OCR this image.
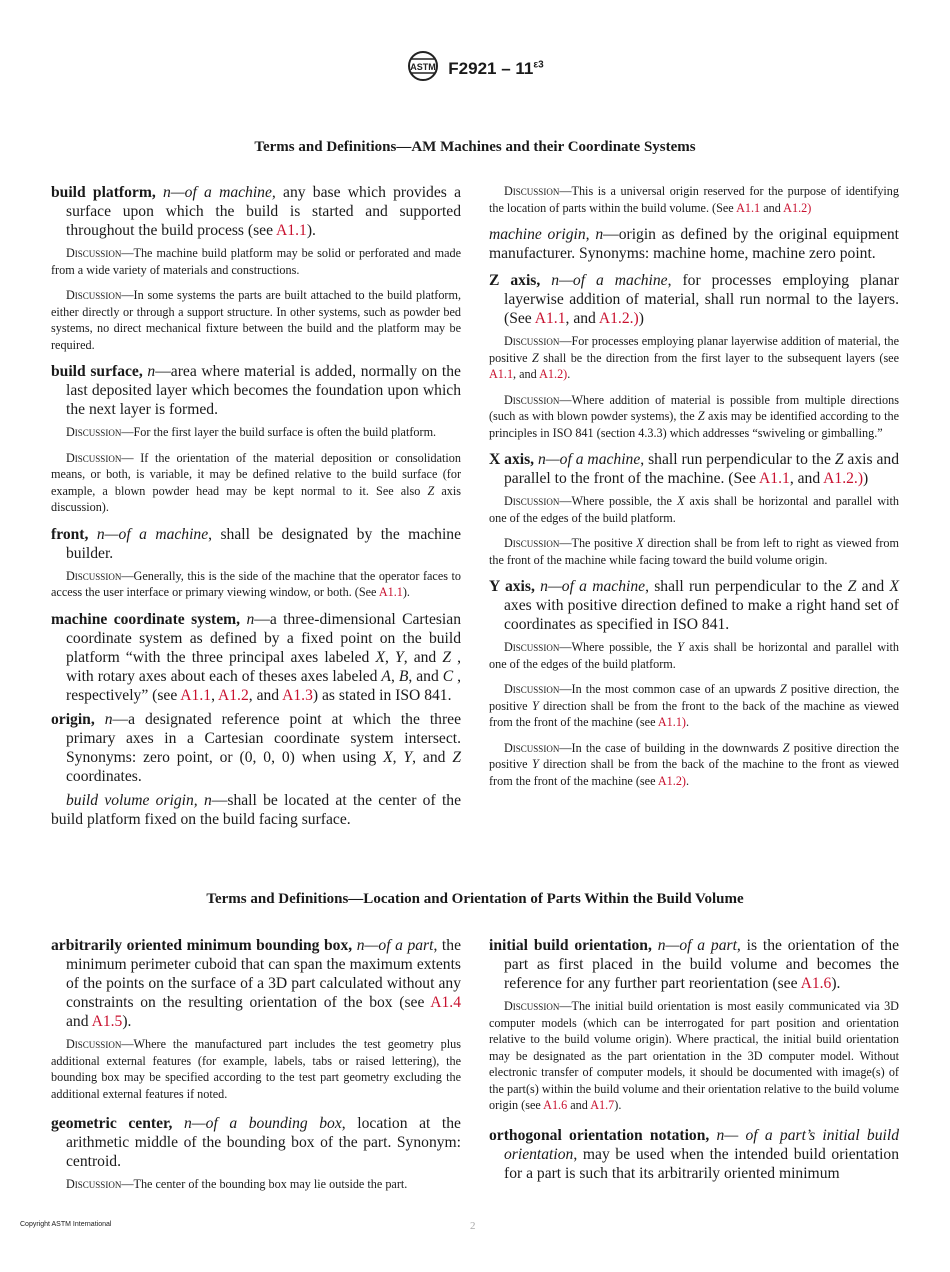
ASTM $F2921 - 11^{\varepsilon 3}$
Terms and Definitions—AM Machines and their Coordinate Systems

build platform, n—of a machine, any base which provides a surface upon which the build is started and supported throughout the build process (see A1.1).

Discussion—The machine build platform may be solid or perforated and made from a wide variety of materials and constructions.

Discussion—In some systems the parts are built attached to the build platform, either directly or through a support structure. In other systems, such as powder bed systems, no direct mechanical fixture between the build and the platform may be required.

build surface, n—area where material is added, normally on the last deposited layer which becomes the foundation upon which the next layer is formed.

Discussion—For the first layer the build surface is often the build platform.

Discussion— If the orientation of the material deposition or consolidation means, or both, is variable, it may be defined relative to the build surface (for example, a blown powder head may be kept normal to it. See also Z axis discussion).

front, n—of a machine, shall be designated by the machine builder.

Discussion—Generally, this is the side of the machine that the operator faces to access the user interface or primary viewing window, or both. (See A1.1).

machine coordinate system, n—a three-dimensional Cartesian coordinate system as defined by a fixed point on the build platform “with the three principal axes labeled X, Y, and Z , with rotary axes about each of theses axes labeled A, B, and C , respectively” (see A1.1, A1.2, and A1.3) as stated in ISO 841.

origin, n—a designated reference point at which the three primary axes in a Cartesian coordinate system intersect. Synonyms: zero point, or (0, 0, 0) when using X, Y, and Z coordinates.

build volume origin, n—shall be located at the center of the build platform fixed on the build facing surface.

Discussion—This is a universal origin reserved for the purpose of identifying the location of parts within the build volume. (See A1.1 and A1.2)

machine origin, n—origin as defined by the original equipment manufacturer. Synonyms: machine home, machine zero point.

Z axis, n—of a machine, for processes employing planar layerwise addition of material, shall run normal to the layers. (See A1.1, and A1.2.))

Discussion—For processes employing planar layerwise addition of material, the positive Z shall be the direction from the first layer to the subsequent layers (see A1.1, and A1.2).

Discussion—Where addition of material is possible from multiple directions (such as with blown powder systems), the Z axis may be identified according to the principles in ISO 841 (section 4.3.3) which addresses “swiveling or gimballing.”

X axis, n—of a machine, shall run perpendicular to the Z axis and parallel to the front of the machine. (See A1.1, and A1.2.))

Discussion—Where possible, the X axis shall be horizontal and parallel with one of the edges of the build platform.

Discussion—The positive X direction shall be from left to right as viewed from the front of the machine while facing toward the build volume origin.

Y axis, n—of a machine, shall run perpendicular to the Z and X axes with positive direction defined to make a right hand set of coordinates as specified in ISO 841.

Discussion—Where possible, the Y axis shall be horizontal and parallel with one of the edges of the build platform.

Discussion—In the most common case of an upwards Z positive direction, the positive Y direction shall be from the front to the back of the machine as viewed from the front of the machine (see A1.1).

Discussion—In the case of building in the downwards Z positive direction the positive Y direction shall be from the back of the machine to the front as viewed from the front of the machine (see A1.2).

Terms and Definitions—Location and Orientation of Parts Within the Build Volume

arbitrarily oriented minimum bounding box, n—of a part, the minimum perimeter cuboid that can span the maximum extents of the points on the surface of a 3D part calculated without any constraints on the resulting orientation of the box (see A1.4 and A1.5).

Discussion—Where the manufactured part includes the test geometry plus additional external features (for example, labels, tabs or raised lettering), the bounding box may be specified according to the test part geometry excluding the additional external features if noted.

geometric center, n—of a bounding box, location at the arithmetic middle of the bounding box of the part. Synonym: centroid.

Discussion—The center of the bounding box may lie outside the part.

initial build orientation, n—of a part, is the orientation of the part as first placed in the build volume and becomes the reference for any further part reorientation (see A1.6).

Discussion—The initial build orientation is most easily communicated via 3D computer models (which can be interrogated for part position and orientation relative to the build volume origin). Where practical, the initial build orientation may be designated as the part orientation in the 3D computer model. Without electronic transfer of computer models, it should be documented with image(s) of the part(s) within the build volume and their orientation relative to the build volume origin (see A1.6 and A1.7).

orthogonal orientation notation, n— of a part’s initial build orientation, may be used when the intended build orientation for a part is such that its arbitrarily oriented minimum

Copyright ASTM International	2
